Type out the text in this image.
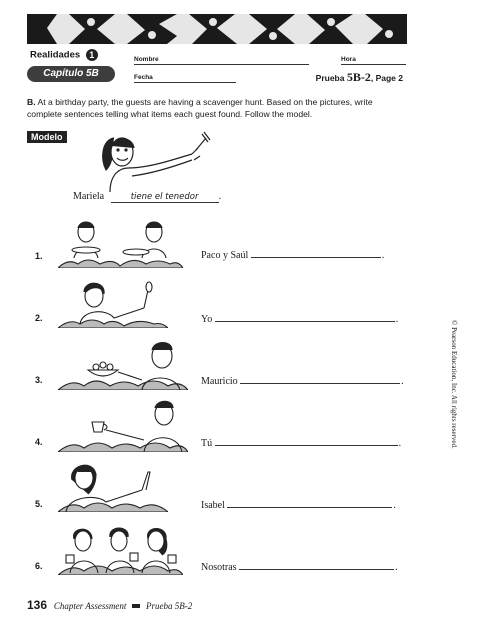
Realidades 1
Capítulo 5B
Nombre	Hora
Fecha	Prueba 5B-2, Page 2
B. At a birthday party, the guests are having a scavenger hunt. Based on the pictures, write complete sentences telling what items each guest found. Follow the model.
Modelo
Mariela	tiene el tenedor .
1.	Paco y Saúl	.
2.	Yo	.
3.	Mauricio	.
4.	Tú	.
5.	Isabel	.
6.	Nosotras	.
© Pearson Education, Inc. All rights reserved.
136 Chapter Assessment Prueba 5B-2
